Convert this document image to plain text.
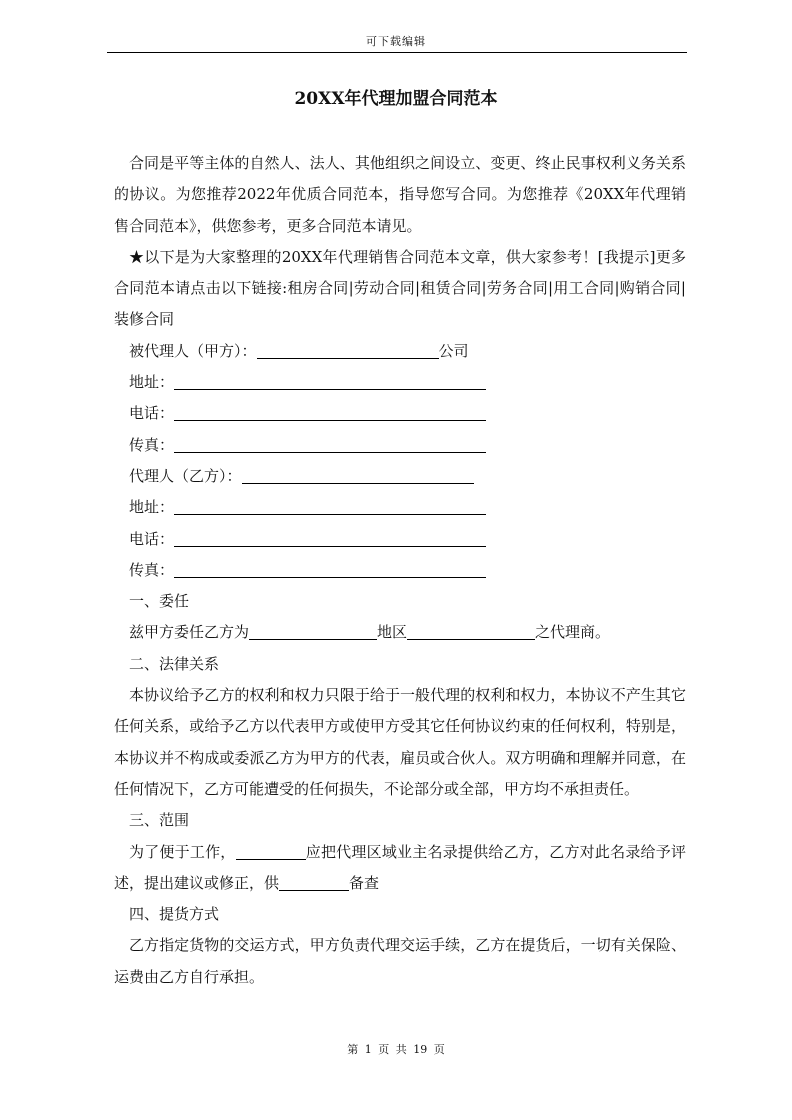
可下载编辑
20XX年代理加盟合同范本

合同是平等主体的自然人、法人、其他组织之间设立、变更、终止民事权利义务关系的协议。为您推荐2022年优质合同范本，指导您写合同。为您推荐《20XX年代理销售合同范本》，供您参考，更多合同范本请见。

★以下是为大家整理的20XX年代理销售合同范本文章，供大家参考！[我提示]更多合同范本请点击以下链接:租房合同|劳动合同|租赁合同|劳务合同|用工合同|购销合同|装修合同

被代理人（甲方）：	公司
地址：
电话：
传真：
代理人（乙方）：
地址：
电话：
传真：
一、委任
兹甲方委任乙方为	地区	之代理商。
二、法律关系

本协议给予乙方的权利和权力只限于给于一般代理的权利和权力，本协议不产生其它任何关系，或给予乙方以代表甲方或使甲方受其它任何协议约束的任何权利，特别是，本协议并不构成或委派乙方为甲方的代表，雇员或合伙人。双方明确和理解并同意，在任何情况下，乙方可能遭受的任何损失，不论部分或全部，甲方均不承担责任。

三、范围

为了便于工作，	应把代理区域业主名录提供给乙方，乙方对此名录给予评述，提出建议或修正，供	备查

四、提货方式

乙方指定货物的交运方式，甲方负责代理交运手续，乙方在提货后，一切有关保险、运费由乙方自行承担。

第 1 页 共 19 页
